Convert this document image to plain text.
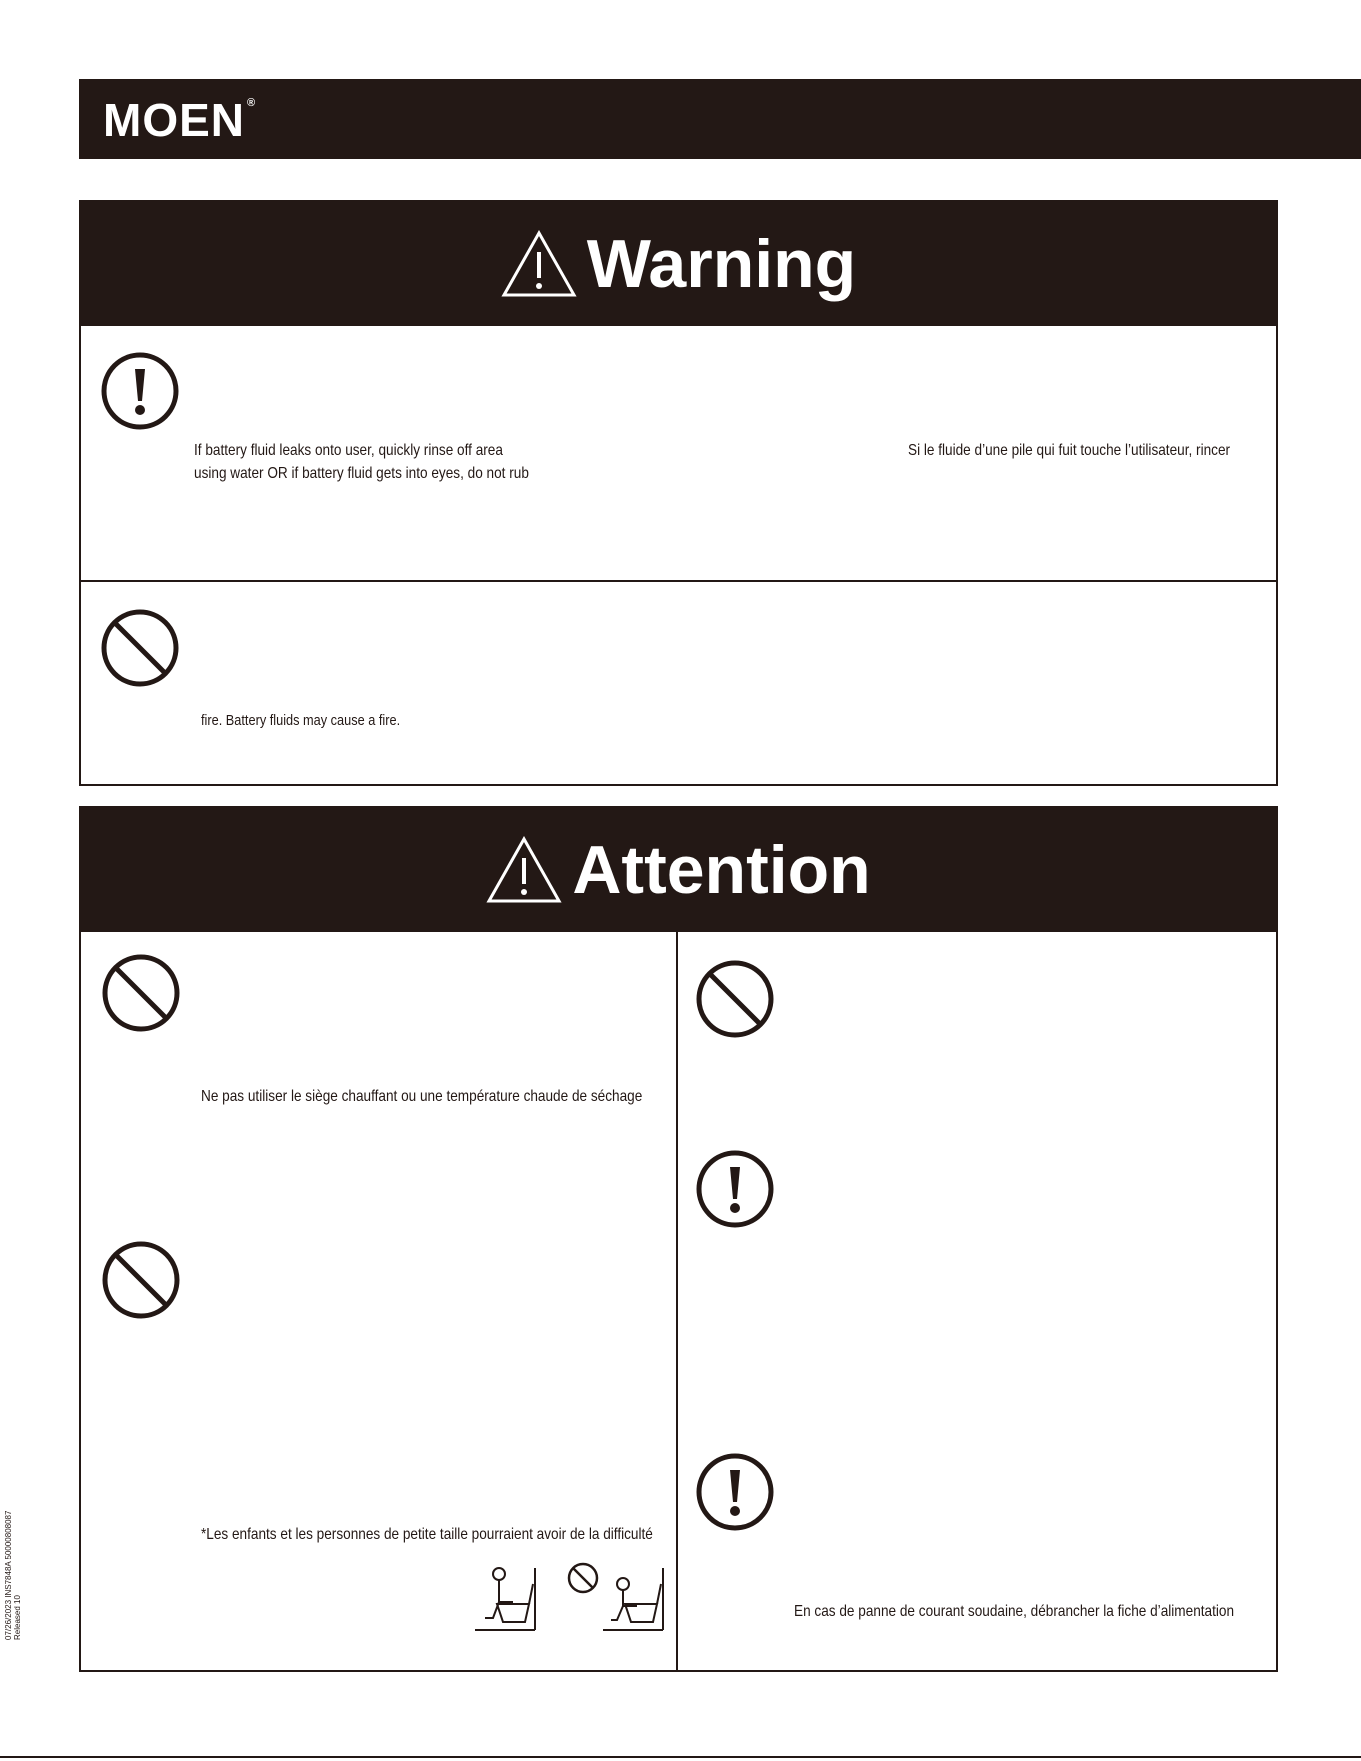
MOEN ®
Warning
If battery fluid leaks onto user, quickly rinse off area
using water OR if battery fluid gets into eyes, do not rub
Si le fluide d’une pile qui fuit touche l’utilisateur, rincer
fire. Battery fluids may cause a fire.
Attention
Ne pas utiliser le siège chauffant ou une température chaude de séchage
*Les enfants et les personnes de petite taille pourraient avoir de la difficulté
En cas de panne de courant soudaine, débrancher la fiche d’alimentation
07/26/2023 INS7848A 50000808087 Released 10
